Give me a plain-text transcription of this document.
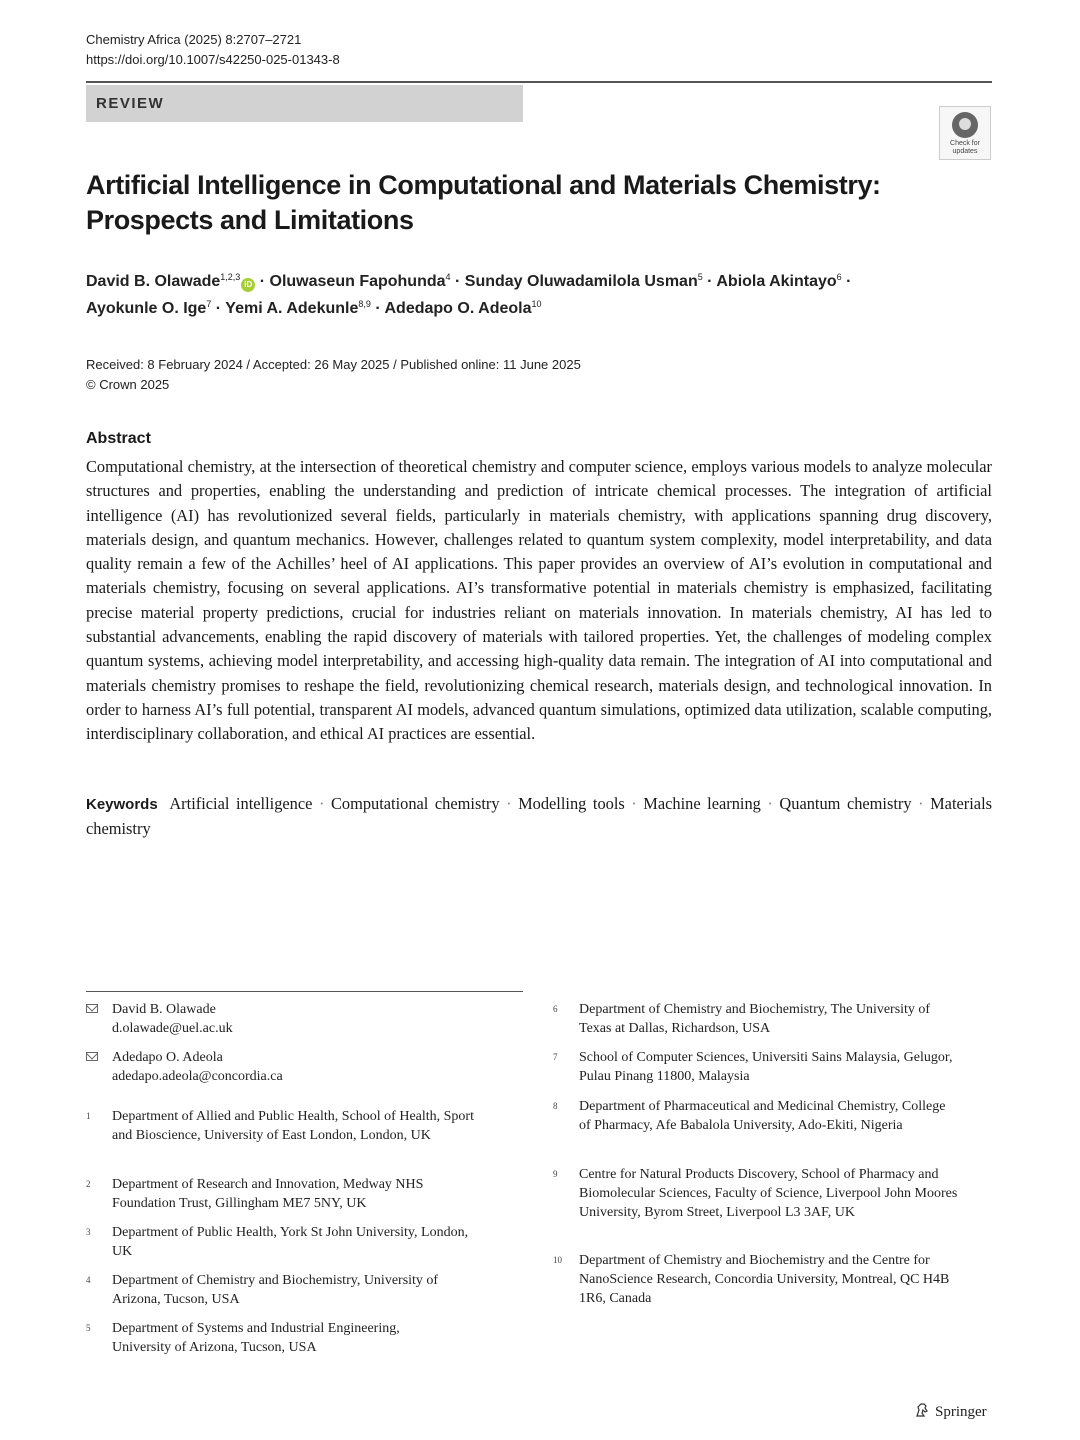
Chemistry Africa (2025) 8:2707–2721
https://doi.org/10.1007/s42250-025-01343-8
REVIEW
Check for updates
Artificial Intelligence in Computational and Materials Chemistry:
Prospects and Limitations
David B. Olawade$^{1,2,3}$iD · Oluwaseun Fapohunda$^4$ · Sunday Oluwadamilola Usman$^5$ · Abiola Akintayo$^6$ ·
Ayokunle O. Ige$^7$ · Yemi A. Adekunle$^{8,9}$ · Adedapo O. Adeola$^{10}$
Received: 8 February 2024 / Accepted: 26 May 2025 / Published online: 11 June 2025
© Crown 2025
Abstract
Computational chemistry, at the intersection of theoretical chemistry and computer science, employs various models to analyze molecular structures and properties, enabling the understanding and prediction of intricate chemical processes. The integration of artificial intelligence (AI) has revolutionized several fields, particularly in materials chemistry, with applications spanning drug discovery, materials design, and quantum mechanics. However, challenges related to quantum system complexity, model interpretability, and data quality remain a few of the Achilles’ heel of AI applications. This paper provides an overview of AI’s evolution in computational and materials chemistry, focusing on several applications. AI’s transformative potential in materials chemistry is emphasized, facilitating precise material property predictions, crucial for industries reliant on materials innovation. In materials chemistry, AI has led to substantial advancements, enabling the rapid discovery of materials with tailored properties. Yet, the challenges of modeling complex quantum systems, achieving model interpretability, and accessing high-quality data remain. The integration of AI into computational and materials chemistry promises to reshape the field, revolutionizing chemical research, materials design, and technological innovation. In order to harness AI’s full potential, transparent AI models, advanced quantum simulations, optimized data utilization, scalable computing, interdisciplinary collaboration, and ethical AI practices are essential.
Keywords Artificial intelligence · Computational chemistry · Modelling tools · Machine learning · Quantum chemistry · Materials chemistry
David B. Olawade
d.olawade@uel.ac.uk
Adedapo O. Adeola
adedapo.adeola@concordia.ca
1 Department of Allied and Public Health, School of Health, Sport and Bioscience, University of East London, London, UK
2 Department of Research and Innovation, Medway NHS Foundation Trust, Gillingham ME7 5NY, UK
3 Department of Public Health, York St John University, London, UK
4 Department of Chemistry and Biochemistry, University of Arizona, Tucson, USA
5 Department of Systems and Industrial Engineering, University of Arizona, Tucson, USA
6 Department of Chemistry and Biochemistry, The University of Texas at Dallas, Richardson, USA
7 School of Computer Sciences, Universiti Sains Malaysia, Gelugor, Pulau Pinang 11800, Malaysia
8 Department of Pharmaceutical and Medicinal Chemistry, College of Pharmacy, Afe Babalola University, Ado-Ekiti, Nigeria
9 Centre for Natural Products Discovery, School of Pharmacy and Biomolecular Sciences, Faculty of Science, Liverpool John Moores University, Byrom Street, Liverpool L3 3AF, UK
10 Department of Chemistry and Biochemistry and the Centre for NanoScience Research, Concordia University, Montreal, QC H4B 1R6, Canada
Springer
